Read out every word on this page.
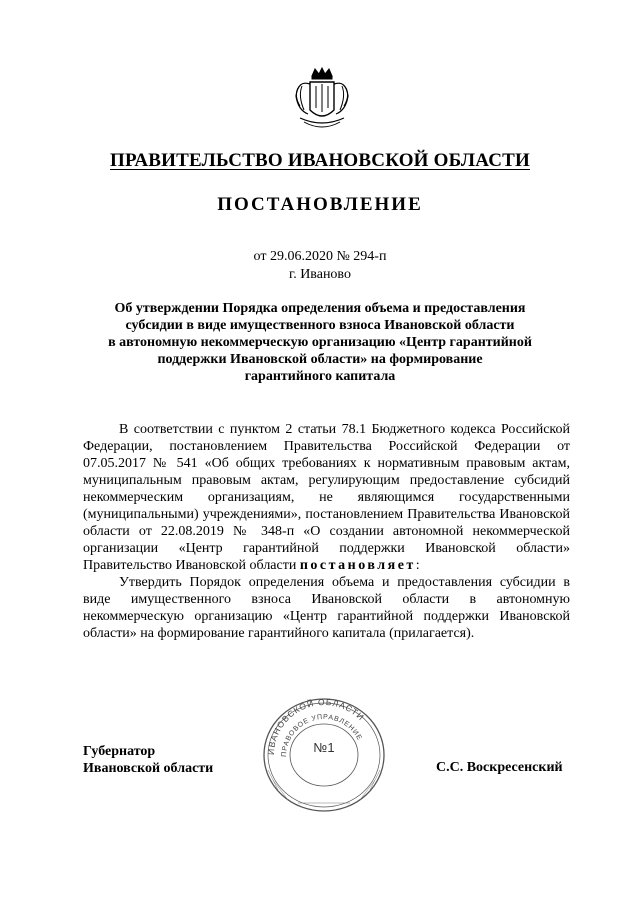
ПРАВИТЕЛЬСТВО ИВАНОВСКОЙ ОБЛАСТИ
ПОСТАНОВЛЕНИЕ
от 29.06.2020 № 294-п
г. Иваново
Об утверждении Порядка определения объема и предоставления
субсидии в виде имущественного взноса Ивановской области
в автономную некоммерческую организацию «Центр гарантийной
поддержки Ивановской области» на формирование
гарантийного капитала

В соответствии с пунктом 2 статьи 78.1 Бюджетного кодекса Российской Федерации, постановлением Правительства Российской Федерации от 07.05.2017 № 541 «Об общих требованиях к нормативным правовым актам, муниципальным правовым актам, регулирующим предоставление субсидий некоммерческим организациям, не являющимся государственными (муниципальными) учреждениями», постановлением Правительства Ивановской области от 22.08.2019 № 348-п «О создании автономной некоммерческой организации «Центр гарантийной поддержки Ивановской области» Правительство Ивановской области постановляет:

Утвердить Порядок определения объема и предоставления субсидии в виде имущественного взноса Ивановской области в автономную некоммерческую организацию «Центр гарантийной поддержки Ивановской области» на формирование гарантийного капитала (прилагается).

Губернатор
Ивановской области
ИВАНОВСКОЙ ОБЛАСТИ
ПРАВОВОЕ УПРАВЛЕНИЕ
№1
С.С. Воскресенский
